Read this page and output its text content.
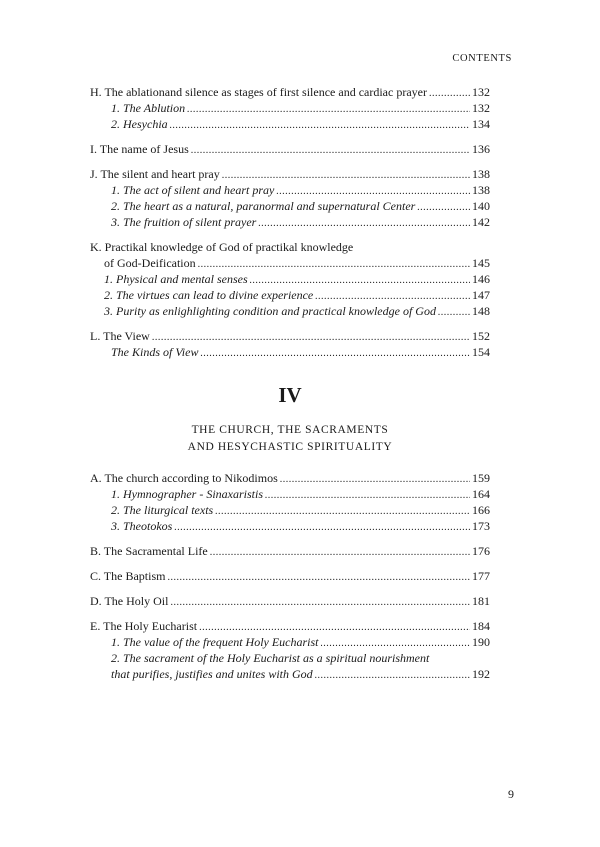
CONTENTS
H. The ablationand silence as stages of first silence and cardiac prayer .....	132
1. The Ablution .....	132
2. Hesychia .....	134
I. The name of Jesus .....	136
J. The silent and heart pray .....	138
1. The act of silent and heart pray .....	138
2. The heart as a natural, paranormal and supernatural Center .....	140
3. The fruition of silent prayer .....	142
K. Practikal knowledge of God of practikal knowledge
of God-Deification .....	145
1. Physical and mental senses .....	146
2. The virtues can lead to divine experience .....	147
3. Purity as enlighlighting condition and practical knowledge of God .....	148
L. The View .....	152
The Kinds of View .....	154
IV
THE CHURCH, THE SACRAMENTS
AND HESYCHASTIC SPIRITUALITY
A. The church according to Nikodimos .....	159
1. Hymnographer - Sinaxaristis .....	164
2. The liturgical texts .....	166
3. Theotokos .....	173
B. The Sacramental Life .....	176
C. The Baptism .....	177
D. The Holy Oil .....	181
E. The Holy Eucharist .....	184
1. The value of the frequent Holy Eucharist .....	190
2. The sacrament of the Holy Eucharist as a spiritual nourishment
that purifies, justifies and unites with God .....	192
9
